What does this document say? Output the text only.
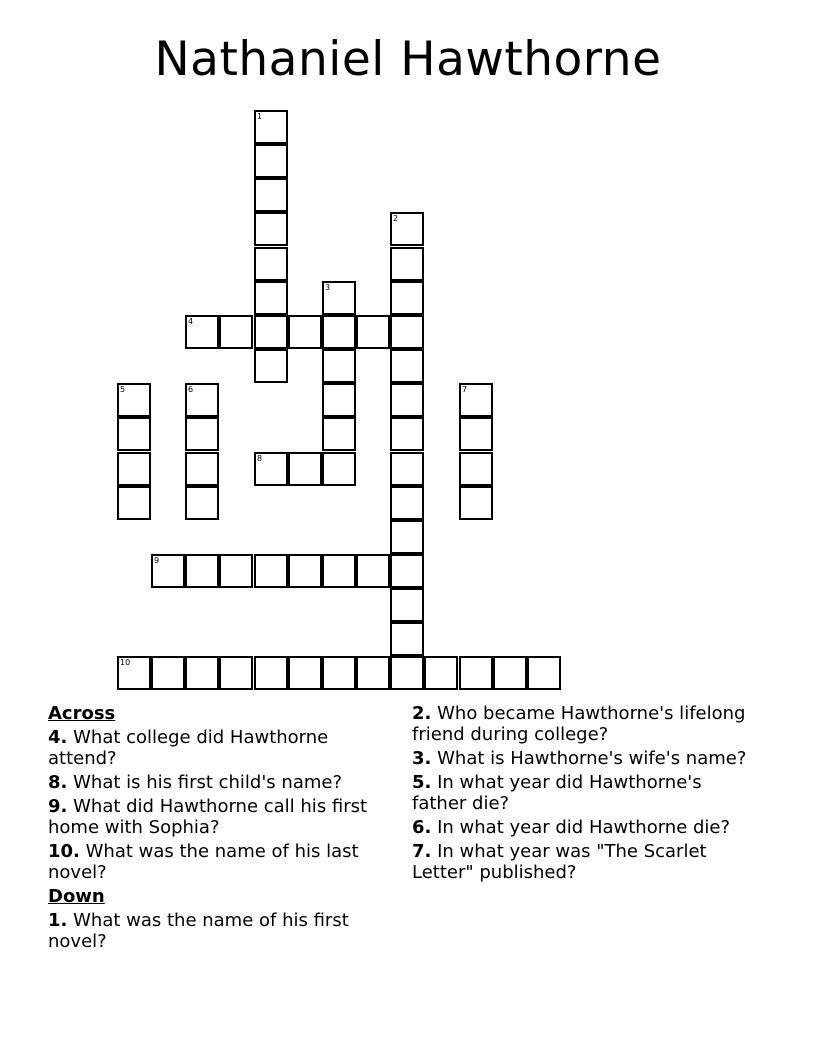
Nathaniel Hawthorne
1
2
3
4
5	6	7
8
9
10
Across
4. What college did Hawthorne attend?
8. What is his first child's name?
9. What did Hawthorne call his first home with Sophia?
10. What was the name of his last novel?
Down
1. What was the name of his first novel?
2. Who became Hawthorne's lifelong friend during college?
3. What is Hawthorne's wife's name?
5. In what year did Hawthorne's father die?
6. In what year did Hawthorne die?
7. In what year was "The Scarlet Letter" published?
